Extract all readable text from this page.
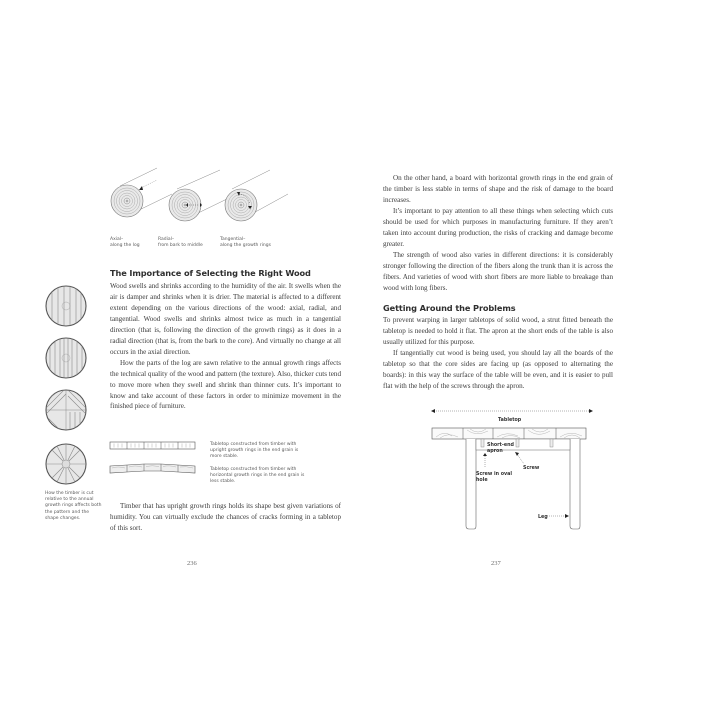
Axial–
along the log
Radial–
from bark to middle
Tangential–
along the growth rings
The Importance of Selecting the Right Wood

Wood swells and shrinks according to the humidity of the air. It swells when the air is damper and shrinks when it is drier. The material is affected to a different extent depending on the various directions of the wood: axial, radial, and tangential. Wood swells and shrinks almost twice as much in a tangential direction (that is, following the direction of the growth rings) as it does in a radial direction (that is, from the bark to the core). And virtually no change at all occurs in the axial direction.

How the parts of the log are sawn relative to the annual growth rings affects the technical quality of the wood and pattern (the texture). Also, thicker cuts tend to move more when they swell and shrink than thinner cuts. It’s important to know and take account of these factors in order to minimize movement in the finished piece of furniture.

How the timber is cut relative to the annual growth rings affects both the pattern and the shape changes.
Tabletop constructed from timber with upright growth rings in the end grain is more stable.
Tabletop constructed from timber with horizontal growth rings in the end grain is less stable.

Timber that has upright growth rings holds its shape best given variations of humidity. You can virtually exclude the chances of cracks forming in a tabletop of this sort.

236

On the other hand, a board with horizontal growth rings in the end grain of the timber is less stable in terms of shape and the risk of damage to the board increases.

It’s important to pay attention to all these things when selecting which cuts should be used for which purposes in manufacturing furniture. If they aren’t taken into account during production, the risks of cracking and damage become greater.

The strength of wood also varies in different directions: it is considerably stronger following the direction of the fibers along the trunk than it is across the fibers. And varieties of wood with short fibers are more liable to breakage than wood with long fibers.

Getting Around the Problems

To prevent warping in larger tabletops of solid wood, a strut fitted beneath the tabletop is needed to hold it flat. The apron at the short ends of the table is also usually utilized for this purpose.

If tangentially cut wood is being used, you should lay all the boards of the tabletop so that the core sides are facing up (as opposed to alternating the boards): in this way the surface of the table will be even, and it is easier to pull flat with the help of the screws through the apron.

Tabletop
Short-end
apron
Screw in oval
hole
Screw
Leg
237
